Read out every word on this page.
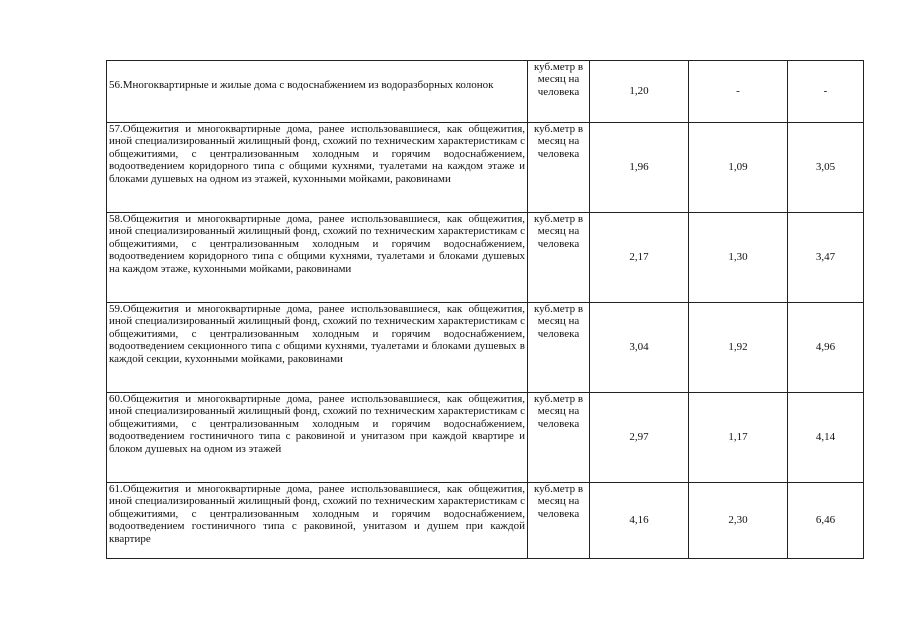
56.Многоквартирные и жилые дома с водоснабжением из водоразборных колонок	куб.метр в месяц на человека	1,20	-	-
57.Общежития и многоквартирные дома, ранее использовавшиеся, как общежития, иной специализированный жилищный фонд, схожий по техническим характеристикам с общежитиями, с централизованным холодным и горячим водоснабжением, водоотведением коридорного типа с общими кухнями, туалетами на каждом этаже и блоками душевых на одном из этажей, кухонными мойками, раковинами	куб.метр в месяц на человека	1,96	1,09	3,05
58.Общежития и многоквартирные дома, ранее использовавшиеся, как общежития, иной специализированный жилищный фонд, схожий по техническим характеристикам с общежитиями, с централизованным холодным и горячим водоснабжением, водоотведением коридорного типа с общими кухнями, туалетами и блоками душевых на каждом этаже, кухонными мойками, раковинами	куб.метр в месяц на человека	2,17	1,30	3,47
59.Общежития и многоквартирные дома, ранее использовавшиеся, как общежития, иной специализированный жилищный фонд, схожий по техническим характеристикам с общежитиями, с централизованным холодным и горячим водоснабжением, водоотведением секционного типа с общими кухнями, туалетами и блоками душевых в каждой секции, кухонными мойками, раковинами	куб.метр в месяц на человека	3,04	1,92	4,96
60.Общежития и многоквартирные дома, ранее использовавшиеся, как общежития, иной специализированный жилищный фонд, схожий по техническим характеристикам с общежитиями, с централизованным холодным и горячим водоснабжением, водоотведением гостиничного типа с раковиной и унитазом при каждой квартире и блоком душевых на одном из этажей	куб.метр в месяц на человека	2,97	1,17	4,14
61.Общежития и многоквартирные дома, ранее использовавшиеся, как общежития, иной специализированный жилищный фонд, схожий по техническим характеристикам с общежитиями, с централизованным холодным и горячим водоснабжением, водоотведением гостиничного типа с раковиной, унитазом и душем при каждой квартире	куб.метр в месяц на человека	4,16	2,30	6,46
